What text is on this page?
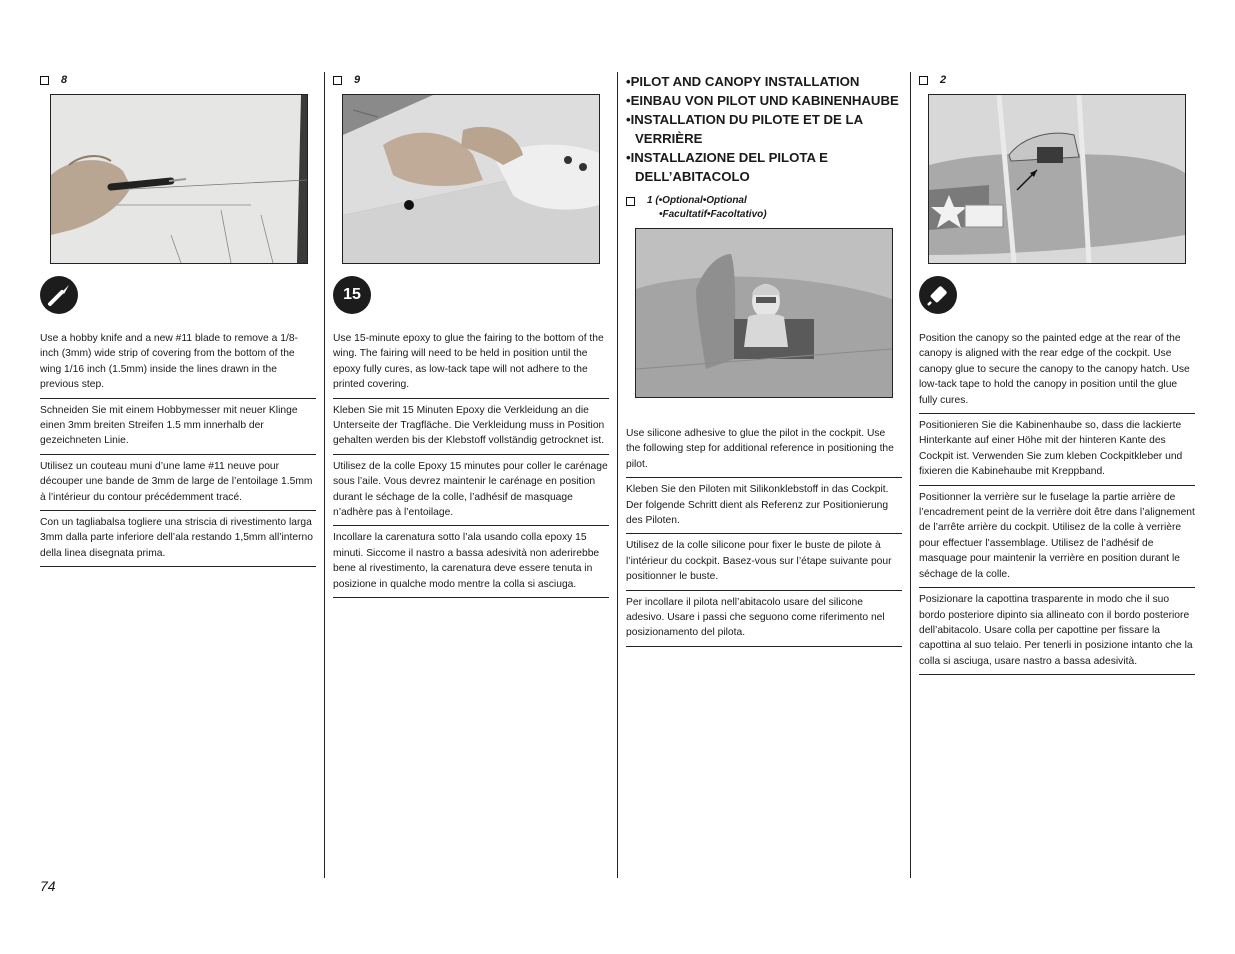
8
Use a hobby knife and a new #11 blade to remove a 1/8-inch (3mm) wide strip of covering from the bottom of the wing 1/16 inch (1.5mm) inside the lines drawn in the previous step.
Schneiden Sie mit einem Hobbymesser mit neuer Klinge einen 3mm breiten Streifen 1.5 mm innerhalb der gezeichneten Linie.
Utilisez un couteau muni d’une lame #11 neuve pour découper une bande de 3mm de large de l’entoilage 1.5mm à l’intérieur du contour précédemment tracé.
Con un tagliabalsa togliere una striscia di rivestimento larga 3mm dalla parte inferiore dell’ala restando 1,5mm all’interno della linea disegnata prima.
9
15
Use 15-minute epoxy to glue the fairing to the bottom of the wing. The fairing will need to be held in position until the epoxy fully cures, as low-tack tape will not adhere to the printed covering.
Kleben Sie mit 15 Minuten Epoxy die Verkleidung an die Unterseite der Tragfläche. Die Verkleidung muss in Position gehalten werden bis der Klebstoff vollständig getrocknet ist.
Utilisez de la colle Epoxy 15 minutes pour coller le carénage sous l’aile. Vous devrez maintenir le carénage en position durant le séchage de la colle, l’adhésif de masquage n’adhère pas à l’entoilage.
Incollare la carenatura sotto l’ala usando colla epoxy 15 minuti. Siccome il nastro a bassa adesività non aderirebbe bene al rivestimento, la carenatura deve essere tenuta in posizione in qualche modo mentre la colla si asciuga.
•PILOT AND CANOPY INSTALLATION
•EINBAU VON PILOT UND KABINENHAUBE
•INSTALLATION DU PILOTE ET DE LA VERRIÈRE
•INSTALLAZIONE DEL PILOTA E DELL’ABITACOLO
1 (•Optional•Optional
•Facultatif•Facoltativo)
Use silicone adhesive to glue the pilot in the cockpit. Use the following step for additional reference in positioning the pilot.
Kleben Sie den Piloten mit Silikonklebstoff in das Cockpit. Der folgende Schritt dient als Referenz zur Positionierung des Piloten.
Utilisez de la colle silicone pour fixer le buste de pilote à l’intérieur du cockpit. Basez-vous sur l’étape suivante pour positionner le buste.
Per incollare il pilota nell’abitacolo usare del silicone adesivo. Usare i passi che seguono come riferimento nel posizionamento del pilota.
2
Position the canopy so the painted edge at the rear of the canopy is aligned with the rear edge of the cockpit. Use canopy glue to secure the canopy to the canopy hatch. Use low-tack tape to hold the canopy in position until the glue fully cures.
Positionieren Sie die Kabinenhaube so, dass die lackierte Hinterkante auf einer Höhe mit der hinteren Kante des Cockpit ist. Verwenden Sie zum kleben Cockpitkleber und fixieren die Kabinehaube mit Kreppband.
Positionner la verrière sur le fuselage la partie arrière de l’encadrement peint de la verrière doit être dans l’alignement de l’arrête arrière du cockpit. Utilisez de la colle à verrière pour effectuer l’assemblage. Utilisez de l’adhésif de masquage pour maintenir la verrière en position durant le séchage de la colle.
Posizionare la capottina trasparente in modo che il suo bordo posteriore dipinto sia allineato con il bordo posteriore dell’abitacolo. Usare colla per capottine per fissare la capottina al suo telaio. Per tenerli in posizione intanto che la colla si asciuga, usare nastro a bassa adesività.
74
